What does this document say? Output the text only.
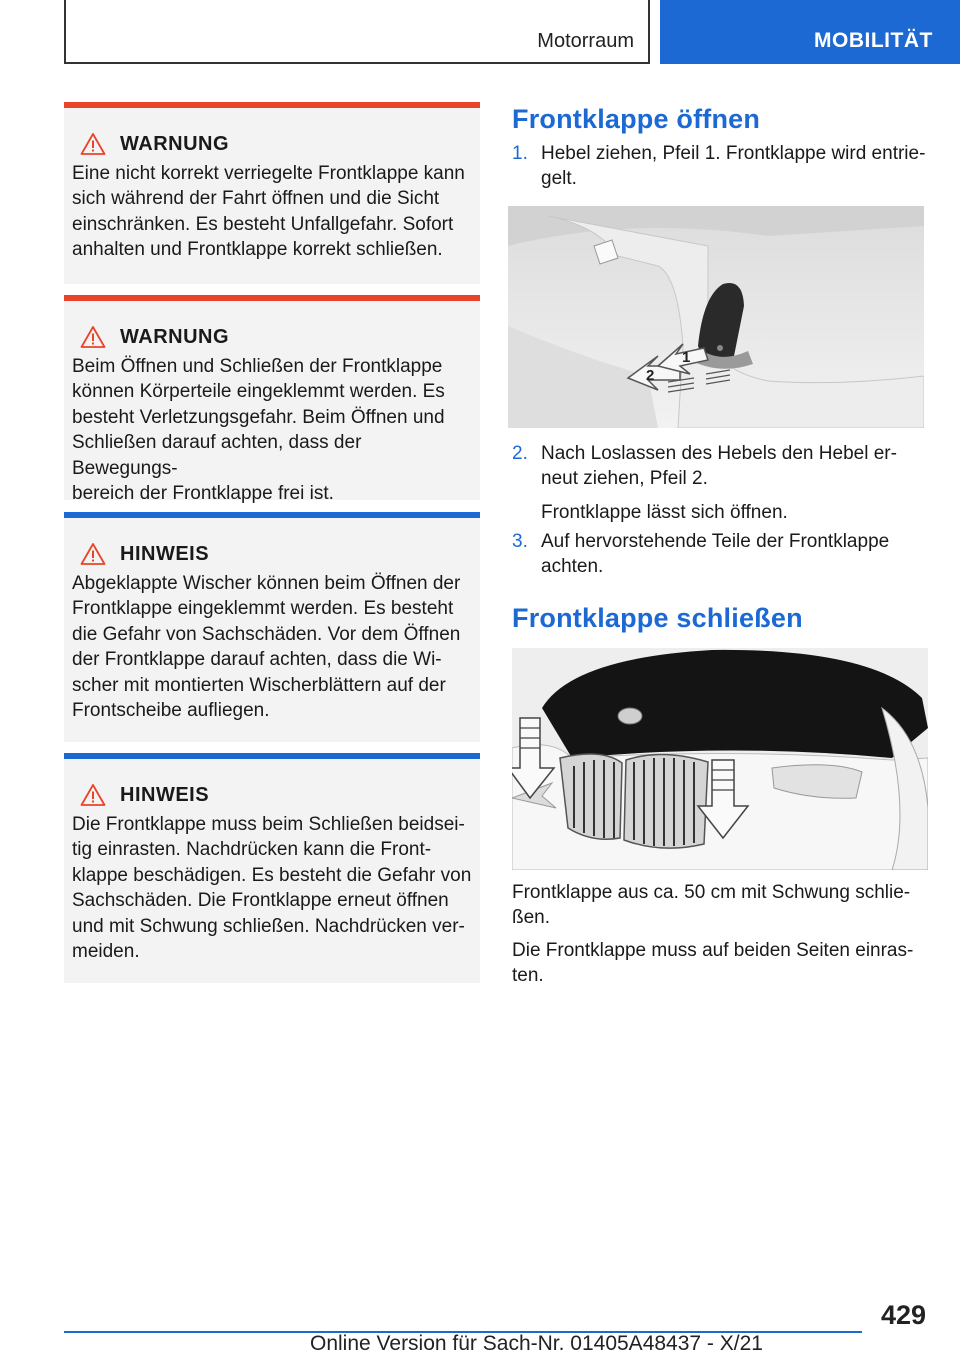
Motorraum	MOBILITÄT
WARNUNG

Eine nicht korrekt verriegelte Frontklappe kann
sich während der Fahrt öffnen und die Sicht
einschränken. Es besteht Unfallgefahr. Sofort
anhalten und Frontklappe korrekt schließen.

WARNUNG

Beim Öffnen und Schließen der Frontklappe
können Körperteile eingeklemmt werden. Es
besteht Verletzungsgefahr. Beim Öffnen und
Schließen darauf achten, dass der Bewegungs-
bereich der Frontklappe frei ist.

HINWEIS

Abgeklappte Wischer können beim Öffnen der
Frontklappe eingeklemmt werden. Es besteht
die Gefahr von Sachschäden. Vor dem Öffnen
der Frontklappe darauf achten, dass die Wi-
scher mit montierten Wischerblättern auf der
Frontscheibe aufliegen.

HINWEIS

Die Frontklappe muss beim Schließen beidsei-
tig einrasten. Nachdrücken kann die Front-
klappe beschädigen. Es besteht die Gefahr von
Sachschäden. Die Frontklappe erneut öffnen
und mit Schwung schließen. Nachdrücken ver-
meiden.

Frontklappe öffnen
1. Hebel ziehen, Pfeil 1. Frontklappe wird entrie-
gelt.
2
1
2. Nach Loslassen des Hebels den Hebel er-
neut ziehen, Pfeil 2.
Frontklappe lässt sich öffnen.
3. Auf hervorstehende Teile der Frontklappe
achten.
Frontklappe schließen

Frontklappe aus ca. 50 cm mit Schwung schlie-
ßen.

Die Frontklappe muss auf beiden Seiten einras-
ten.

429
Online Version für Sach-Nr. 01405A48437 - X/21
